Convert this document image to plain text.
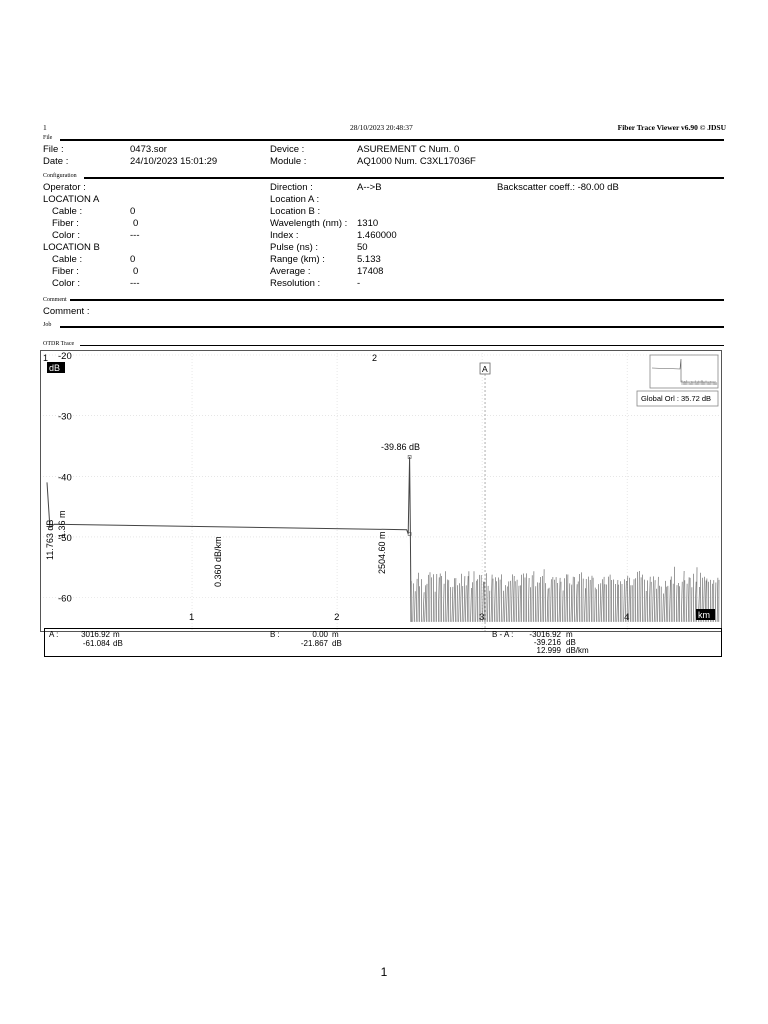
1	28/10/2023 20:48:37	Fiber Trace Viewer v6.90 © JDSU
File
File :	0473.sor	Device :	ASUREMENT C Num. 0
Date :	24/10/2023 15:01:29	Module :	AQ1000 Num. C3XL17036F
Configuration
Operator :	Direction :	A-->B	Backscatter coeff.: -80.00 dB
LOCATION A	Location A :
Cable :	0	Location B :
Fiber :	0	Wavelength (nm) : 1310
Color :	---	Index :	1.460000
LOCATION B	Pulse (ns) :	50
Cable :	0	Range (km) :	5.133
Fiber :	0	Average :	17408
Color :	---	Resolution :	-
Comment
Comment :
Job
OTDR Trace
-20
-30
-40
-50
-60
1	2	3	4
dB
km
1	2
A
-39.86 dB
0.360 dB/km	2504.60 m
11.763 dB 1.36 m
Global Orl : 35.72 dB
A :	3016.92 m
-61.084 dB
B :	0.00 m
-21.867 dB
B - A :	-3016.92 m
-39.216 dB
12.999 dB/km
1
